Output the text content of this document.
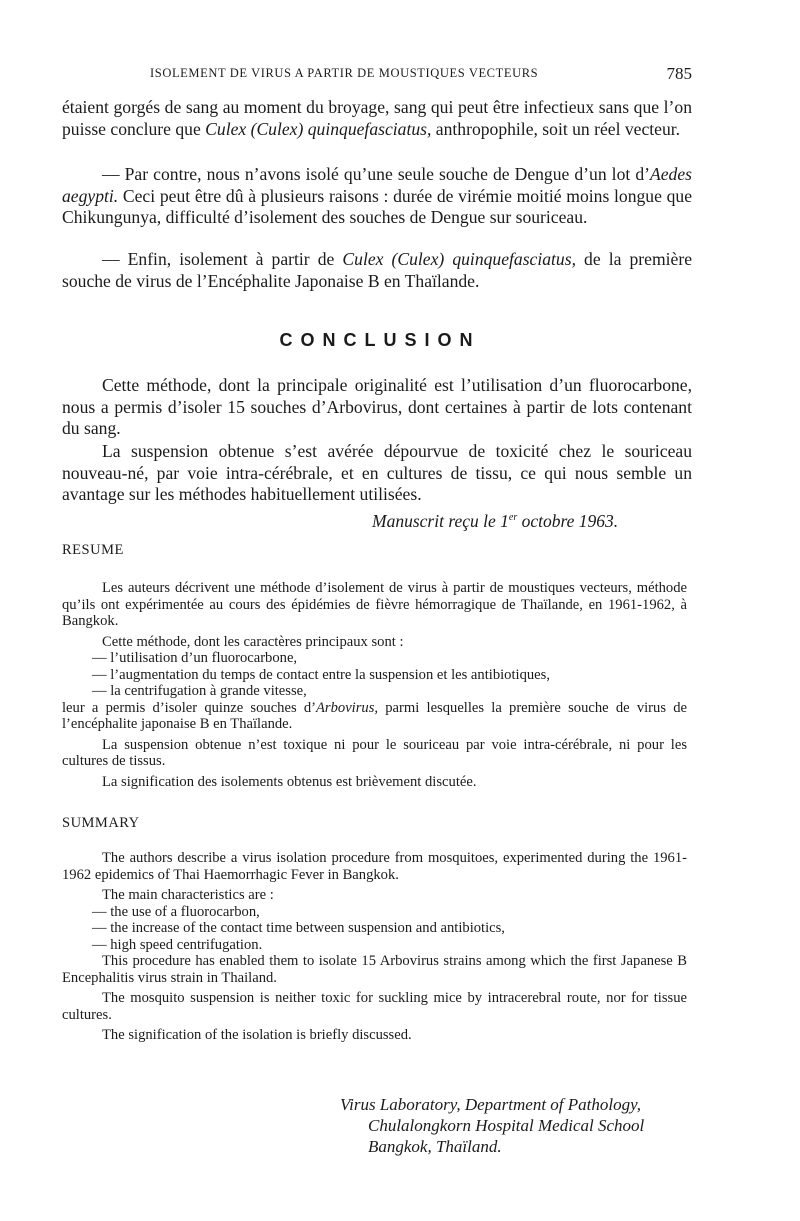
ISOLEMENT DE VIRUS A PARTIR DE MOUSTIQUES VECTEURS	785

étaient gorgés de sang au moment du broyage, sang qui peut être infectieux sans que l’on puisse conclure que Culex (Culex) quinquefasciatus, anthropophile, soit un réel vecteur.

— Par contre, nous n’avons isolé qu’une seule souche de Dengue d’un lot d’Aedes aegypti. Ceci peut être dû à plusieurs raisons : durée de virémie moitié moins longue que Chikungunya, difficulté d’isolement des souches de Dengue sur souriceau.

— Enfin, isolement à partir de Culex (Culex) quinquefasciatus, de la première souche de virus de l’Encéphalite Japonaise B en Thaïlande.

CONCLUSION

Cette méthode, dont la principale originalité est l’utilisation d’un fluorocarbone, nous a permis d’isoler 15 souches d’Arbovirus, dont certaines à partir de lots contenant du sang.

La suspension obtenue s’est avérée dépourvue de toxicité chez le souriceau nouveau-né, par voie intra-cérébrale, et en cultures de tissu, ce qui nous semble un avantage sur les méthodes habituellement utilisées.

Manuscrit reçu le 1er octobre 1963.
RESUME

Les auteurs décrivent une méthode d’isolement de virus à partir de moustiques vecteurs, méthode qu’ils ont expérimentée au cours des épidémies de fièvre hémorragique de Thaïlande, en 1961-1962, à Bangkok.

Cette méthode, dont les caractères principaux sont :

— l’utilisation d’un fluorocarbone,

— l’augmentation du temps de contact entre la suspension et les antibiotiques,

— la centrifugation à grande vitesse,

leur a permis d’isoler quinze souches d’Arbovirus, parmi lesquelles la première souche de virus de l’encéphalite japonaise B en Thaïlande.

La suspension obtenue n’est toxique ni pour le souriceau par voie intra-cérébrale, ni pour les cultures de tissus.

La signification des isolements obtenus est brièvement discutée.

SUMMARY

The authors describe a virus isolation procedure from mosquitoes, experimented during the 1961-1962 epidemics of Thai Haemorrhagic Fever in Bangkok.

The main characteristics are :

— the use of a fluorocarbon,

— the increase of the contact time between suspension and antibiotics,

— high speed centrifugation.

This procedure has enabled them to isolate 15 Arbovirus strains among which the first Japanese B Encephalitis virus strain in Thailand.

The mosquito suspension is neither toxic for suckling mice by intracerebral route, nor for tissue cultures.

The signification of the isolation is briefly discussed.

Virus Laboratory, Department of Pathology,
Chulalongkorn Hospital Medical School
Bangkok, Thaïland.
